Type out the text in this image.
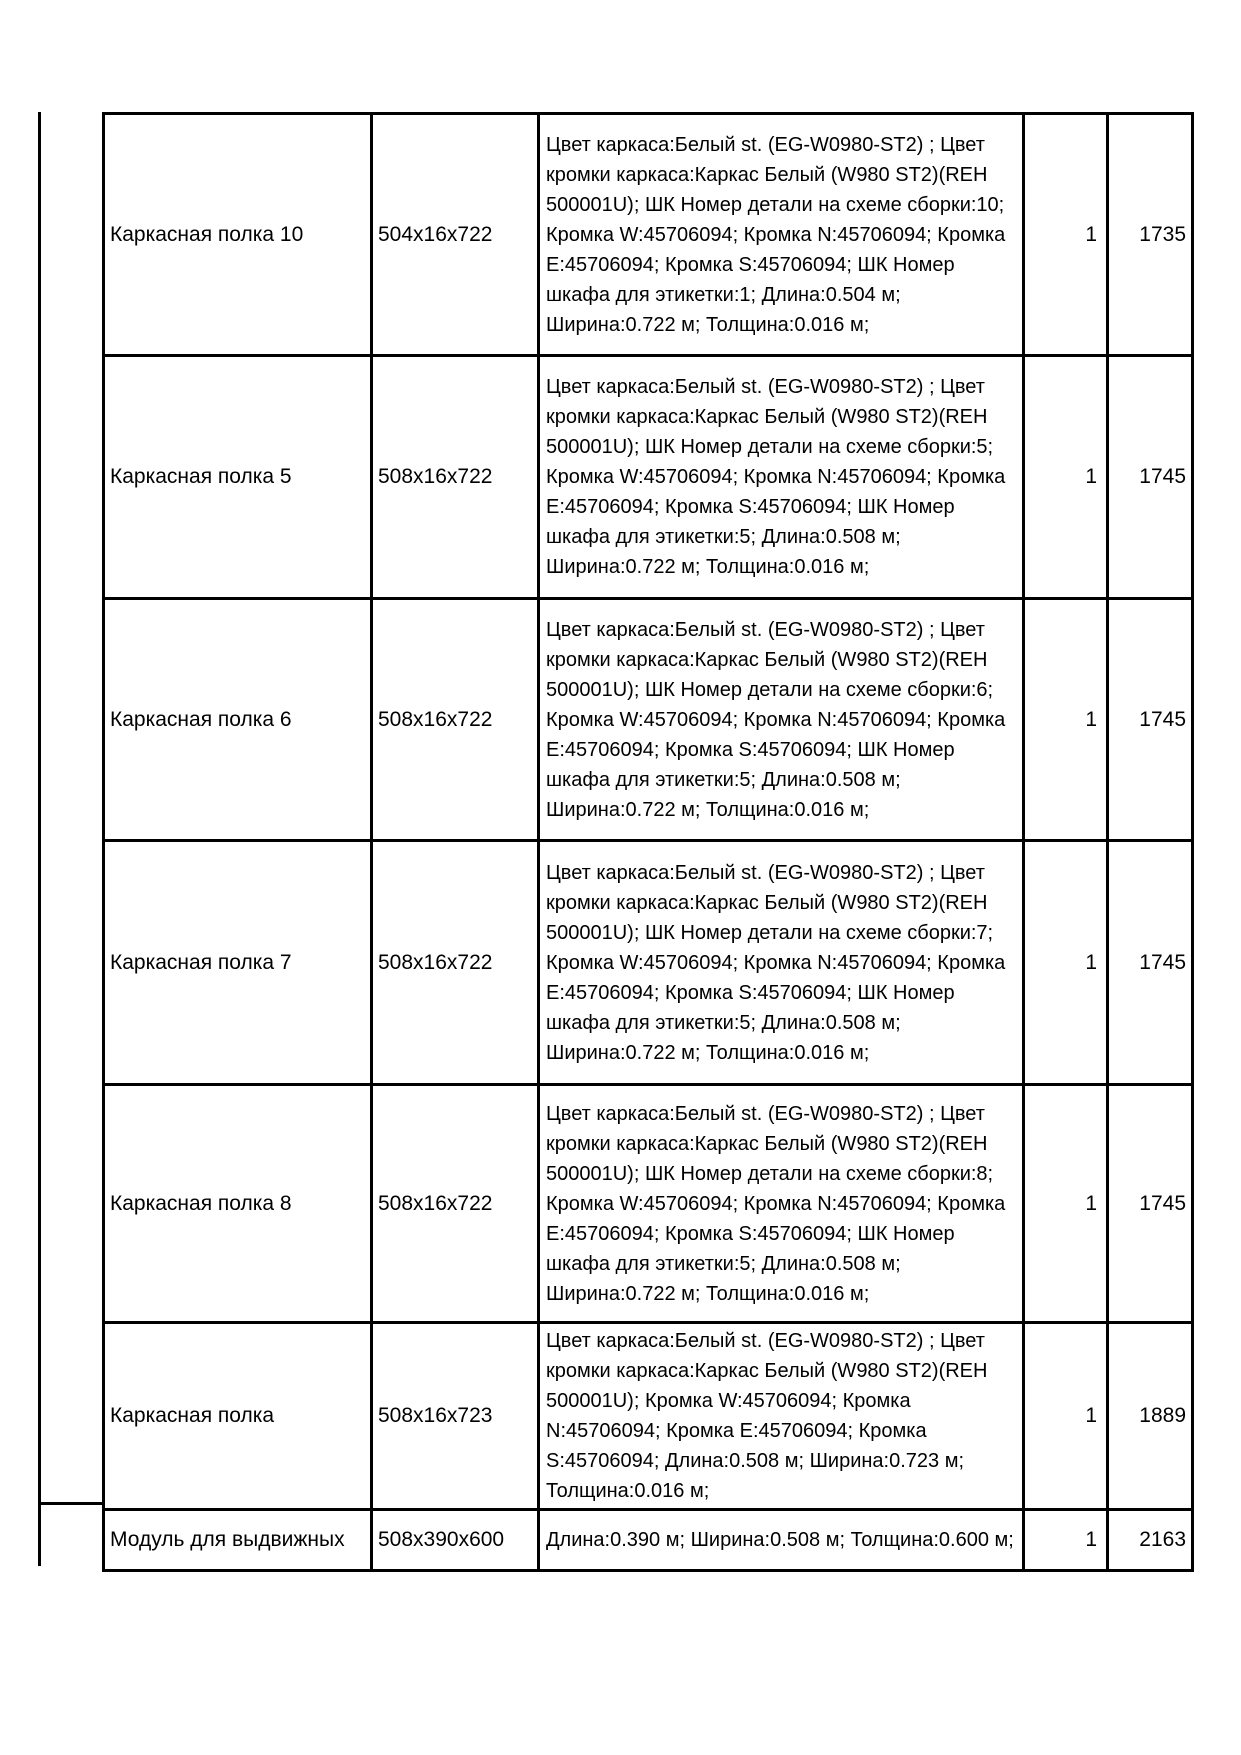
Каркасная полка 10	504x16x722	Цвет каркаса:Белый st. (EG-W0980-ST2) ; Цвет кромки каркаса:Каркас Белый (W980 ST2)(REH 500001U); ШК Номер детали на схеме сборки:10; Кромка W:45706094; Кромка N:45706094; Кромка E:45706094; Кромка S:45706094; ШК Номер шкафа для этикетки:1; Длина:0.504 м; Ширина:0.722 м; Толщина:0.016 м;	1	1735
Каркасная полка 5	508x16x722	Цвет каркаса:Белый st. (EG-W0980-ST2) ; Цвет кромки каркаса:Каркас Белый (W980 ST2)(REH 500001U); ШК Номер детали на схеме сборки:5; Кромка W:45706094; Кромка N:45706094; Кромка E:45706094; Кромка S:45706094; ШК Номер шкафа для этикетки:5; Длина:0.508 м; Ширина:0.722 м; Толщина:0.016 м;	1	1745
Каркасная полка 6	508x16x722	Цвет каркаса:Белый st. (EG-W0980-ST2) ; Цвет кромки каркаса:Каркас Белый (W980 ST2)(REH 500001U); ШК Номер детали на схеме сборки:6; Кромка W:45706094; Кромка N:45706094; Кромка E:45706094; Кромка S:45706094; ШК Номер шкафа для этикетки:5; Длина:0.508 м; Ширина:0.722 м; Толщина:0.016 м;	1	1745
Каркасная полка 7	508x16x722	Цвет каркаса:Белый st. (EG-W0980-ST2) ; Цвет кромки каркаса:Каркас Белый (W980 ST2)(REH 500001U); ШК Номер детали на схеме сборки:7; Кромка W:45706094; Кромка N:45706094; Кромка E:45706094; Кромка S:45706094; ШК Номер шкафа для этикетки:5; Длина:0.508 м; Ширина:0.722 м; Толщина:0.016 м;	1	1745
Каркасная полка 8	508x16x722	Цвет каркаса:Белый st. (EG-W0980-ST2) ; Цвет кромки каркаса:Каркас Белый (W980 ST2)(REH 500001U); ШК Номер детали на схеме сборки:8; Кромка W:45706094; Кромка N:45706094; Кромка E:45706094; Кромка S:45706094; ШК Номер шкафа для этикетки:5; Длина:0.508 м; Ширина:0.722 м; Толщина:0.016 м;	1	1745
Каркасная полка	508x16x723	Цвет каркаса:Белый st. (EG-W0980-ST2) ; Цвет кромки каркаса:Каркас Белый (W980 ST2)(REH 500001U); Кромка W:45706094; Кромка N:45706094; Кромка E:45706094; Кромка S:45706094; Длина:0.508 м; Ширина:0.723 м; Толщина:0.016 м;	1	1889
Модуль для выдвижных	508x390x600	Длина:0.390 м; Ширина:0.508 м; Толщина:0.600 м;	1	2163
